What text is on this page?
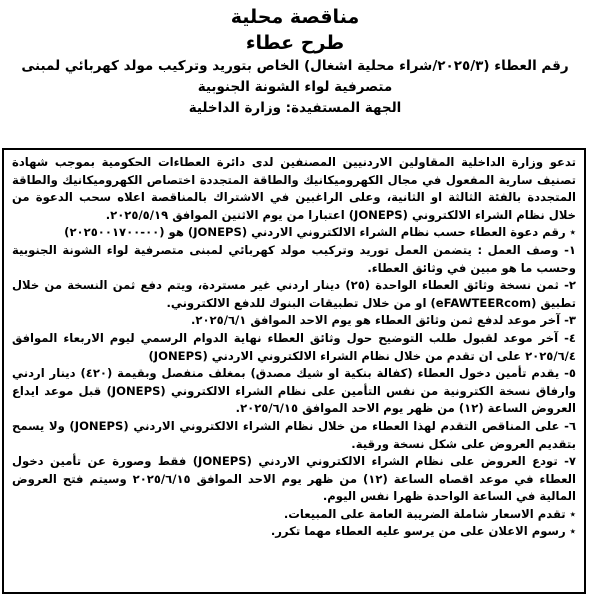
مناقصة محلية
طرح عطاء
رقم العطاء (٢٠٢٥/٣/شراء محلية اشغال) الخاص بتوريد وتركيب مولد كهربائي لمبنى متصرفية لواء الشونة الجنوبية
الجهة المستفيدة: وزارة الداخلية

تدعو وزارة الداخلية المقاولين الاردنيين المصنفين لدى دائرة العطاءات الحكومية بموجب شهادة تصنيف سارية المفعول في مجال الكهروميكانيك والطاقة المتجددة اختصاص الكهروميكانيك والطاقة المتجددة بالفئة الثالثة او الثانية، وعلى الراغبين في الاشتراك بالمناقصة اعلاه سحب الدعوة من خلال نظام الشراء الالكتروني (JONEPS) اعتبارا من يوم الاثنين الموافق ٢٠٢٥/٥/١٩.

٭ رقم دعوة العطاء حسب نظام الشراء الالكتروني الاردني (JONEPS) هو (٠٠-٢٠٢٥٠٠١٧٠٠)

١- وصف العمل : يتضمن العمل توريد وتركيب مولد كهربائي لمبنى متصرفية لواء الشونة الجنوبية وحسب ما هو مبين في وثائق العطاء.

٢- ثمن نسخة وثائق العطاء الواحدة (٢٥) دينار اردني غير مستردة، ويتم دفع ثمن النسخة من خلال تطبيق (eFAWTEERcom) او من خلال تطبيقات البنوك للدفع الالكتروني.

٣- آخر موعد لدفع ثمن وثائق العطاء هو يوم الاحد الموافق ٢٠٢٥/٦/١.

٤- آخر موعد لقبول طلب التوضيح حول وثائق العطاء نهاية الدوام الرسمي ليوم الاربعاء الموافق ٢٠٢٥/٦/٤ على ان تقدم من خلال نظام الشراء الالكتروني الاردني (JONEPS)

٥- يقدم تأمين دخول العطاء (كفالة بنكية او شيك مصدق) بمغلف منفصل وبقيمة (٤٢٠) دينار اردني وارفاق نسخة الكترونية من نفس التأمين على نظام الشراء الالكتروني (JONEPS) قبل موعد ايداع العروض الساعة (١٢) من ظهر يوم الاحد الموافق ٢٠٢٥/٦/١٥.

٦- على المناقص التقدم لهذا العطاء من خلال نظام الشراء الالكتروني الاردني (JONEPS) ولا يسمح بتقديم العروض على شكل نسخة ورقية.

٧- تودع العروض على نظام الشراء الالكتروني الاردني (JONEPS) فقط وصورة عن تأمين دخول العطاء في موعد اقصاه الساعة (١٢) من ظهر يوم الاحد الموافق ٢٠٢٥/٦/١٥ وسيتم فتح العروض المالية في الساعة الواحدة ظهرا نفس اليوم.

٭ تقدم الاسعار شاملة الضريبة العامة على المبيعات.

٭ رسوم الاعلان على من يرسو عليه العطاء مهما تكرر.
